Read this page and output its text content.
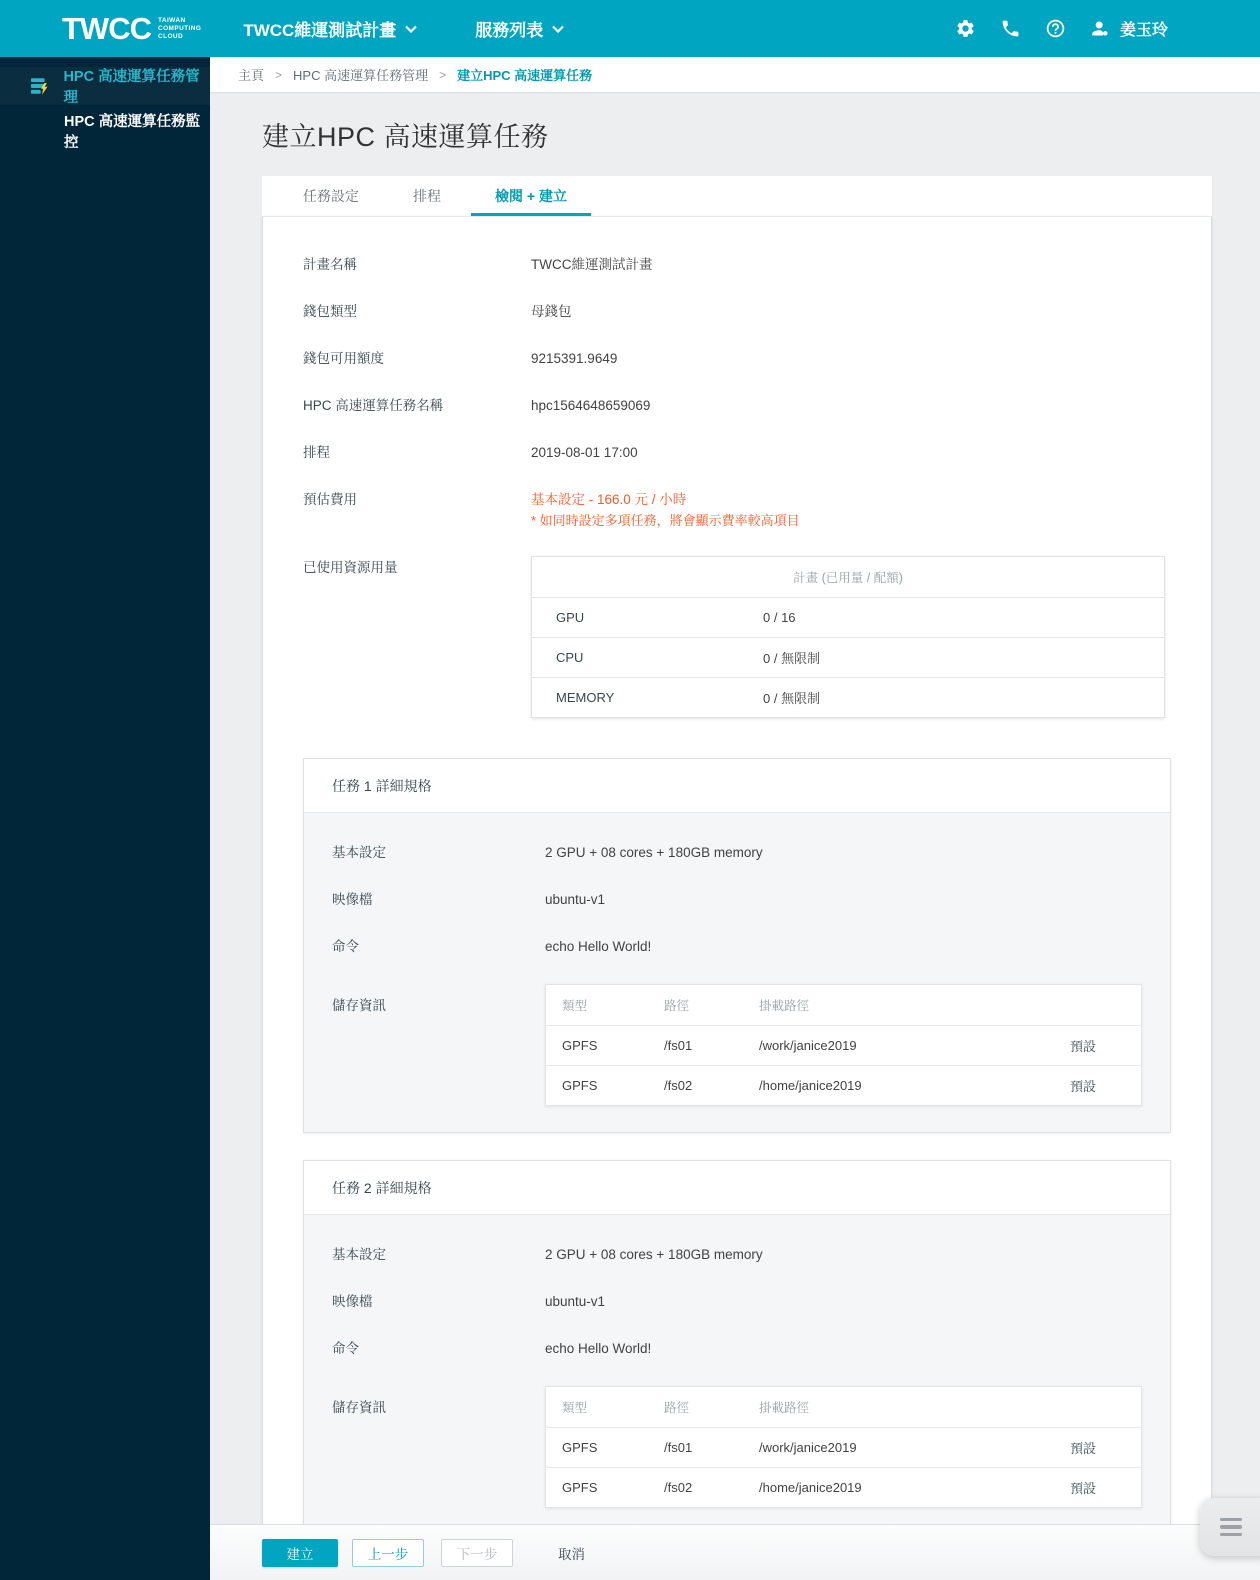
TWCC TAIWAN
COMPUTING
CLOUD	TWCC維運測試計畫	服務列表	姜玉玲
HPC 高速運算任務管理
HPC 高速運算任務監控
主頁 > HPC 高速運算任務管理 > 建立HPC 高速運算任務
建立HPC 高速運算任務
任務設定	排程	檢閱 + 建立
計畫名稱	TWCC維運測試計畫
錢包類型	母錢包
錢包可用額度	9215391.9649
HPC 高速運算任務名稱	hpc1564648659069
排程	2019-08-01 17:00
預估費用	基本設定 - 166.0 元 / 小時
* 如同時設定多項任務，將會顯示費率較高項目
已使用資源用量
計畫 (已用量 / 配額)
GPU	0 / 16
CPU	0 / 無限制
MEMORY	0 / 無限制
任務 1 詳細規格
基本設定	2 GPU + 08 cores + 180GB memory
映像檔	ubuntu-v1
命令	echo Hello World!
儲存資訊	類型	路徑	掛載路徑
GPFS	/fs01	/work/janice2019	預設
GPFS	/fs02	/home/janice2019	預設
任務 2 詳細規格
基本設定	2 GPU + 08 cores + 180GB memory
映像檔	ubuntu-v1
命令	echo Hello World!
儲存資訊	類型	路徑	掛載路徑
GPFS	/fs01	/work/janice2019	預設
GPFS	/fs02	/home/janice2019	預設
建立	上一步	下一步	取消
